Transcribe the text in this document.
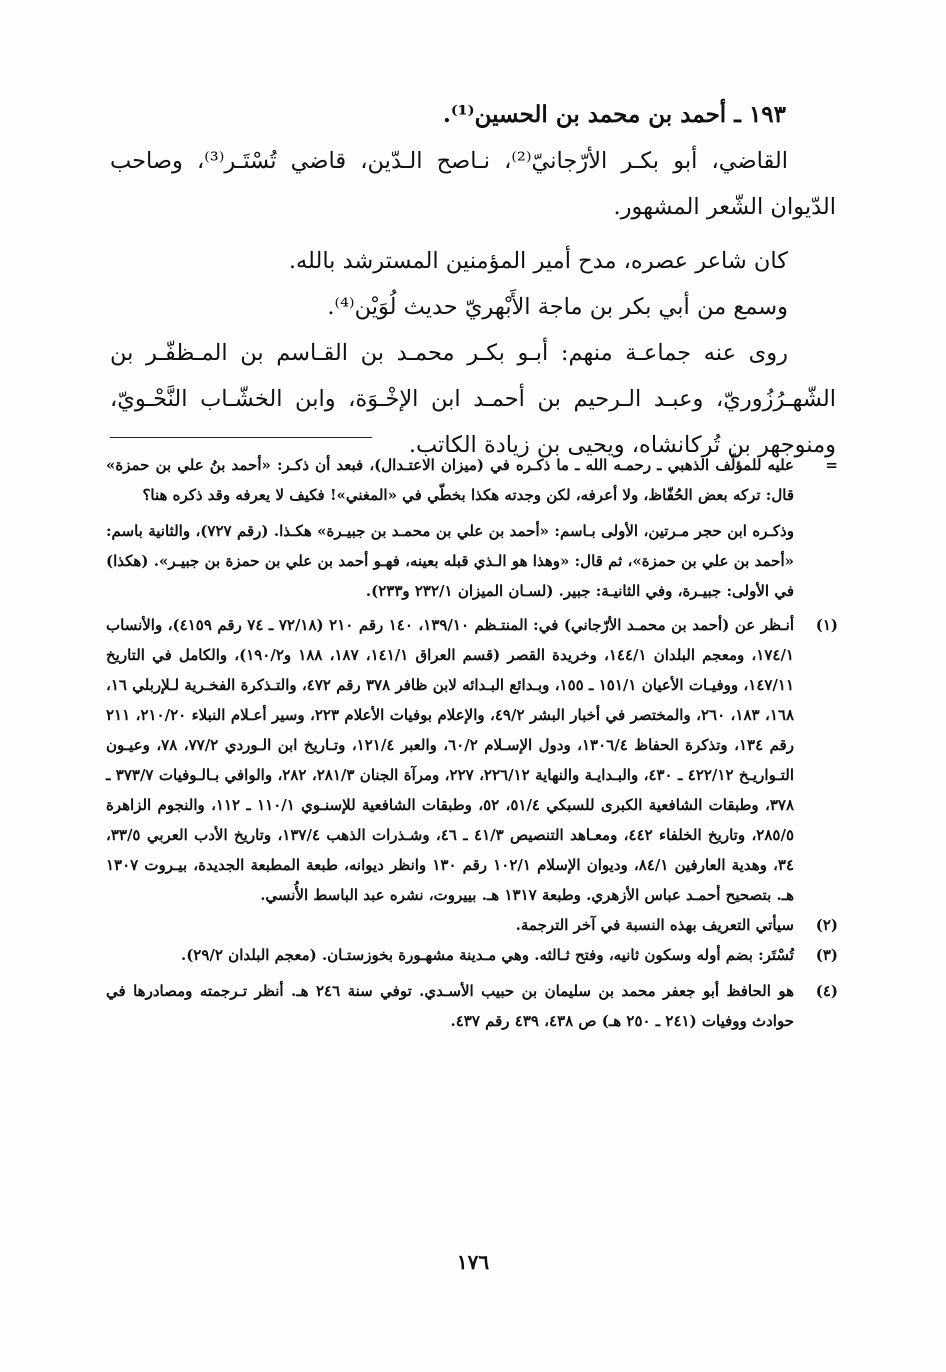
١٩٣ ـ أحمد بن محمد بن الحسين⁽¹⁾.

القاضي، أبو بكـر الأرّجانيّ⁽²⁾، نـاصح الـدّين، قاضي تُسْتَـر⁽³⁾، وصاحب الدّيوان الشّعر المشهور.

كان شاعر عصره، مدح أمير المؤمنين المسترشد بالله.

وسمع من أبي بكر بن ماجة الأَبْهريّ حديث لُوَيْن⁽⁴⁾.

روى عنه جماعـة منهم: أبـو بكـر محمـد بن القـاسم بن المـظفّـر بن الشّهـرُزُوريّ، وعبـد الـرحيم بن أحمـد ابن الإخْـوَة، وابن الخشّـاب النَّحْـويّ، ومنوجهر بن تُركانشاه، ويحيى بن زيادة الكاتب.

=
عليه للمؤلّف الذهبي ـ رحمـه الله ـ ما ذكـره في (ميزان الاعتـدال)، فبعد أن ذكـر: «أحمد بنُ علي بن حمزة» قال: تركه بعض الحُفّاظ، ولا أعرفه، لكن وجدته هكذا بخطّي في «المغني»! فكيف لا يعرفه وقد ذكره هنا؟
وذكـره ابن حجر مـرتين، الأولى بـاسم: «أحمد بن علي بن محمـد بن جبيـرة» هكـذا. (رقم ٧٢٧)، والثانية باسم: «أحمد بن علي بن حمزة»، ثم قال: «وهذا هو الـذي قبله بعينه، فهـو أحمد بن علي بن حمزة بن جبيـر». (هكذا) في الأولى: جبيـرة، وفي الثانيـة: جبير. (لسـان الميزان ٢٣٢/١ و٢٣٣).
(١)
أنـظر عن (أحمد بن محمـد الأرّجاني) في: المنتـظم ١٣٩/١٠، ١٤٠ رقم ٢١٠ (٧٢/١٨ ـ ٧٤ رقم ٤١٥٩)، والأنساب ١٧٤/١، ومعجم البلدان ١٤٤/١، وخريدة القصر (قسم العراق ١٤١/١، ١٨٧، ١٨٨ و١٩٠/٢)، والكامل في التاريخ ١٤٧/١١، ووفيـات الأعيان ١٥١/١ ـ ١٥٥، وبـدائع البـدائه لابن ظافر ٣٧٨ رقم ٤٧٢، والتـذكرة الفخـرية لـلإربلي ١٦، ١٦٨، ١٨٣، ٢٦٠، والمختصر في أخبار البشر ٤٩/٢، والإعلام بوفيات الأعلام ٢٢٣، وسير أعـلام النبلاء ٢١٠/٢٠، ٢١١ رقم ١٣٤، وتذكرة الحفاظ ١٣٠٦/٤، ودول الإسـلام ٦٠/٢، والعبر ١٢١/٤، وتـاريخ ابن الـوردي ٧٧/٢، ٧٨، وعيـون التـواريـخ ٤٢٢/١٢ ـ ٤٣٠، والبـدايـة والنهاية ٢٢٦/١٢، ٢٢٧، ومرآة الجنان ٢٨١/٣، ٢٨٢، والوافي بـالـوفيات ٣٧٣/٧ ـ ٣٧٨، وطبقات الشافعية الكبرى للسبكي ٥١/٤، ٥٢، وطبقات الشافعية للإسنـوي ١١٠/١ ـ ١١٢، والنجوم الزاهرة ٢٨٥/٥، وتاريخ الخلفاء ٤٤٢، ومعـاهد التنصيص ٤١/٣ ـ ٤٦، وشـذرات الذهب ١٣٧/٤، وتاريخ الأدب العربي ٣٣/٥، ٣٤، وهدية العارفين ٨٤/١، وديوان الإسلام ١٠٢/١ رقم ١٣٠ وانظر ديوانه، طبعة المطبعة الجديدة، بيـروت ١٣٠٧ هـ. بتصحيح أحمـد عباس الأزهري. وطبعة ١٣١٧ هـ. بييروت، نشره عبد الباسط الأُنسي.
(٢)
سيأتي التعريف بهذه النسبة في آخر الترجمة.
(٣)
تُسْتَر: بضم أوله وسكون ثانيه، وفتح ثـالثه. وهي مـدينة مشهـورة بخوزستـان. (معجم البلدان ٢٩/٢).
(٤)
هو الحافظ أبو جعفر محمد بن سليمان بن حبيب الأسـدي. توفي سنة ٢٤٦ هـ. أنظر تـرجمته ومصادرها في حوادث ووفيات (٢٤١ ـ ٢٥٠ هـ) ص ٤٣٨، ٤٣٩ رقم ٤٣٧.
١٧٦
